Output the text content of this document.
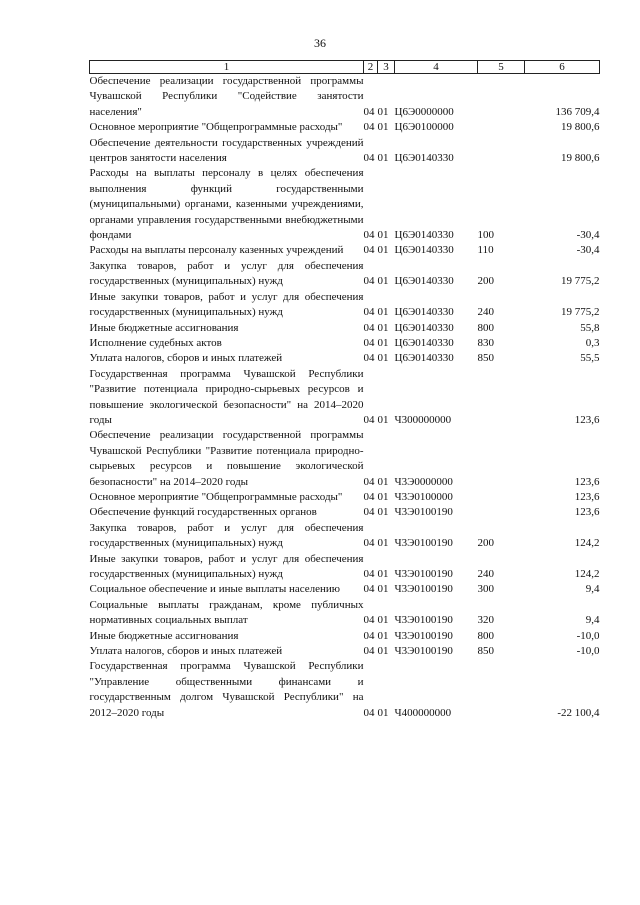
36
1	2	3	4	5	6
Обеспечение реализации государственной программы Чувашской Республики "Содействие занятости населения"	04	01	Ц6Э0000000		136 709,4
Основное мероприятие "Общепрограммные расходы"	04	01	Ц6Э0100000		19 800,6
Обеспечение деятельности государственных учреждений центров занятости населения	04	01	Ц6Э0140330		19 800,6
Расходы на выплаты персоналу в целях обеспечения выполнения функций государственными (муниципальными) органами, казенными учреждениями, органами управления государственными внебюджетными фондами	04	01	Ц6Э0140330	100	-30,4
Расходы на выплаты персоналу казенных учреждений	04	01	Ц6Э0140330	110	-30,4
Закупка товаров, работ и услуг для обеспечения государственных (муниципальных) нужд	04	01	Ц6Э0140330	200	19 775,2
Иные закупки товаров, работ и услуг для обеспечения государственных (муниципальных) нужд	04	01	Ц6Э0140330	240	19 775,2
Иные бюджетные ассигнования	04	01	Ц6Э0140330	800	55,8
Исполнение судебных актов	04	01	Ц6Э0140330	830	0,3
Уплата налогов, сборов и иных платежей	04	01	Ц6Э0140330	850	55,5
Государственная программа Чувашской Республики "Развитие потенциала природно-сырьевых ресурсов и повышение экологической безопасности" на 2014–2020 годы	04	01	Ч300000000		123,6
Обеспечение реализации государственной программы Чувашской Республики "Развитие потенциала природно-сырьевых ресурсов и повышение экологической безопасности" на 2014–2020 годы	04	01	Ч3Э0000000		123,6
Основное мероприятие "Общепрограммные расходы"	04	01	Ч3Э0100000		123,6
Обеспечение функций государственных органов	04	01	Ч3Э0100190		123,6
Закупка товаров, работ и услуг для обеспечения государственных (муниципальных) нужд	04	01	Ч3Э0100190	200	124,2
Иные закупки товаров, работ и услуг для обеспечения государственных (муниципальных) нужд	04	01	Ч3Э0100190	240	124,2
Социальное обеспечение и иные выплаты населению	04	01	Ч3Э0100190	300	9,4
Социальные выплаты гражданам, кроме публичных нормативных социальных выплат	04	01	Ч3Э0100190	320	9,4
Иные бюджетные ассигнования	04	01	Ч3Э0100190	800	-10,0
Уплата налогов, сборов и иных платежей	04	01	Ч3Э0100190	850	-10,0
Государственная программа Чувашской Республики "Управление общественными финансами и государственным долгом Чувашской Республики" на 2012–2020 годы	04	01	Ч400000000		-22 100,4
